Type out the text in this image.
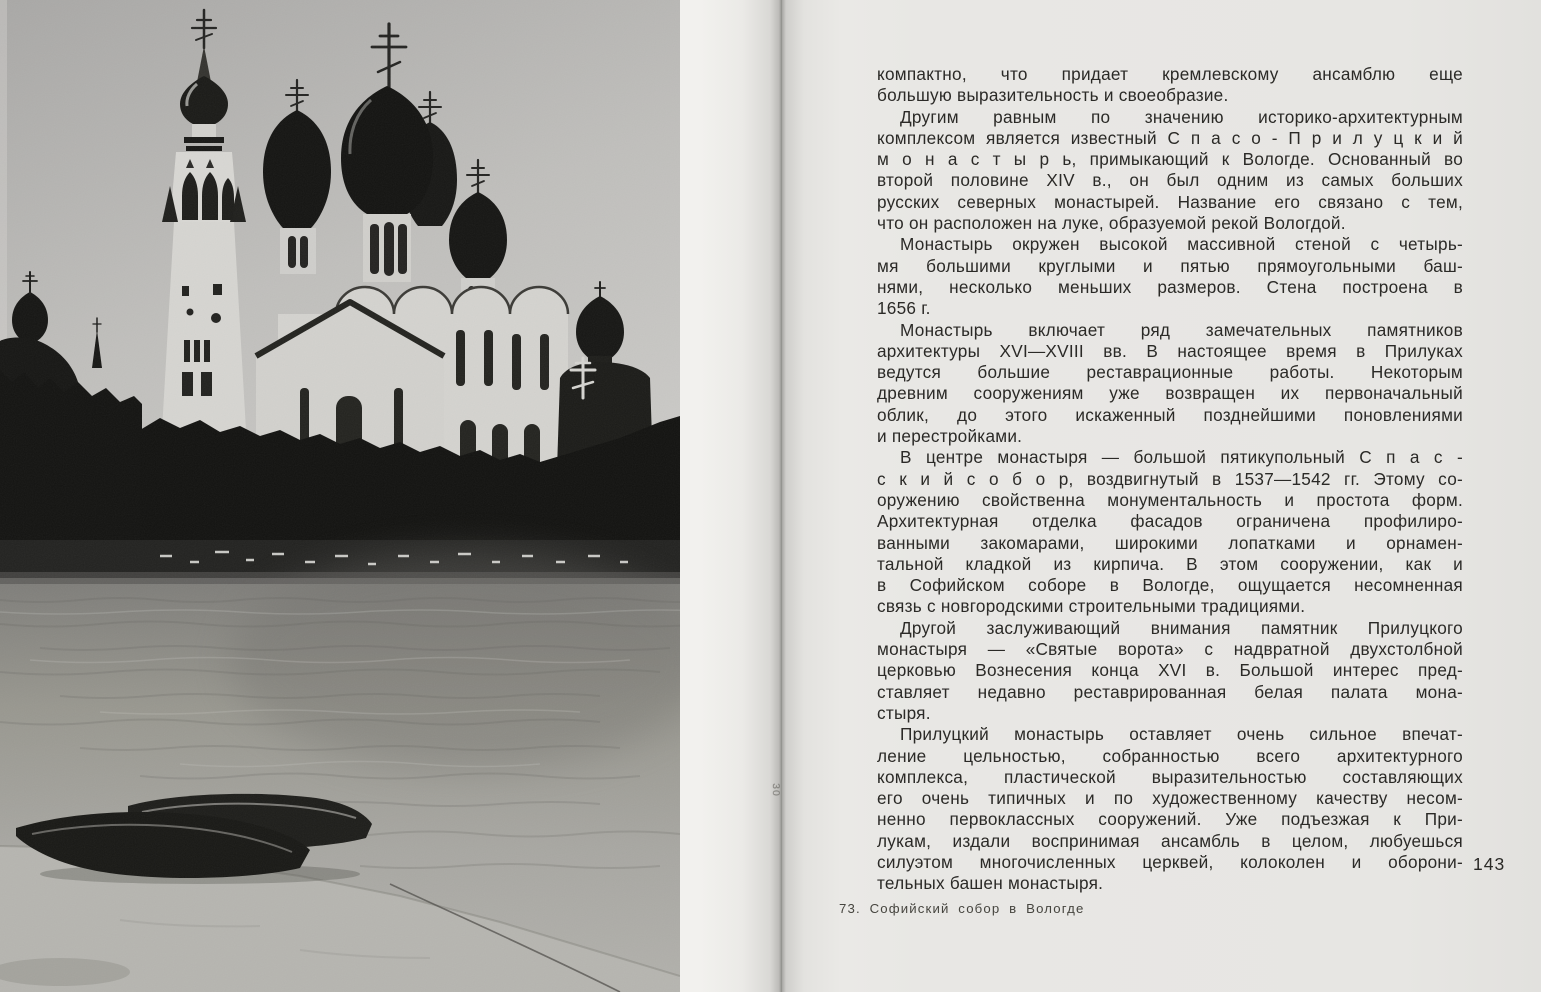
30
компактно, что придает кремлевскому ансамблю еще
большую выразительность и своеобразие.
Другим равным по значению историко-архитектурным
комплексом является известный С п а с о - П р и л у ц к и й
м о н а с т ы р ь, примыкающий к Вологде. Основанный во
второй половине XIV в., он был одним из самых больших
русских северных монастырей. Название его связано с тем,
что он расположен на луке, образуемой рекой Вологдой.
Монастырь окружен высокой массивной стеной с четырь-
мя большими круглыми и пятью прямоугольными баш-
нями, несколько меньших размеров. Стена построена в
1656 г.
Монастырь включает ряд замечательных памятников
архитектуры XVI—XVIII вв. В настоящее время в Прилуках
ведутся большие реставрационные работы. Некоторым
древним сооружениям уже возвращен их первоначальный
облик, до этого искаженный позднейшими поновлениями
и перестройками.
В центре монастыря — большой пятикупольный С п а с -
с к и й с о б о р, воздвигнутый в 1537—1542 гг. Этому со-
оружению свойственна монументальность и простота форм.
Архитектурная отделка фасадов ограничена профилиро-
ванными закомарами, широкими лопатками и орнамен-
тальной кладкой из кирпича. В этом сооружении, как и
в Софийском соборе в Вологде, ощущается несомненная
связь с новгородскими строительными традициями.
Другой заслуживающий внимания памятник Прилуцкого
монастыря — «Святые ворота» с надвратной двухстолбной
церковью Вознесения конца XVI в. Большой интерес пред-
ставляет недавно реставрированная белая палата мона-
стыря.
Прилуцкий монастырь оставляет очень сильное впечат-
ление цельностью, собранностью всего архитектурного
комплекса, пластической выразительностью составляющих
его очень типичных и по художественному качеству несом-
ненно первоклассных сооружений. Уже подъезжая к При-
лукам, издали воспринимая ансамбль в целом, любуешься
силуэтом многочисленных церквей, колоколен и оборони-
тельных башен монастыря.
143
73. Софийский собор в Вологде
